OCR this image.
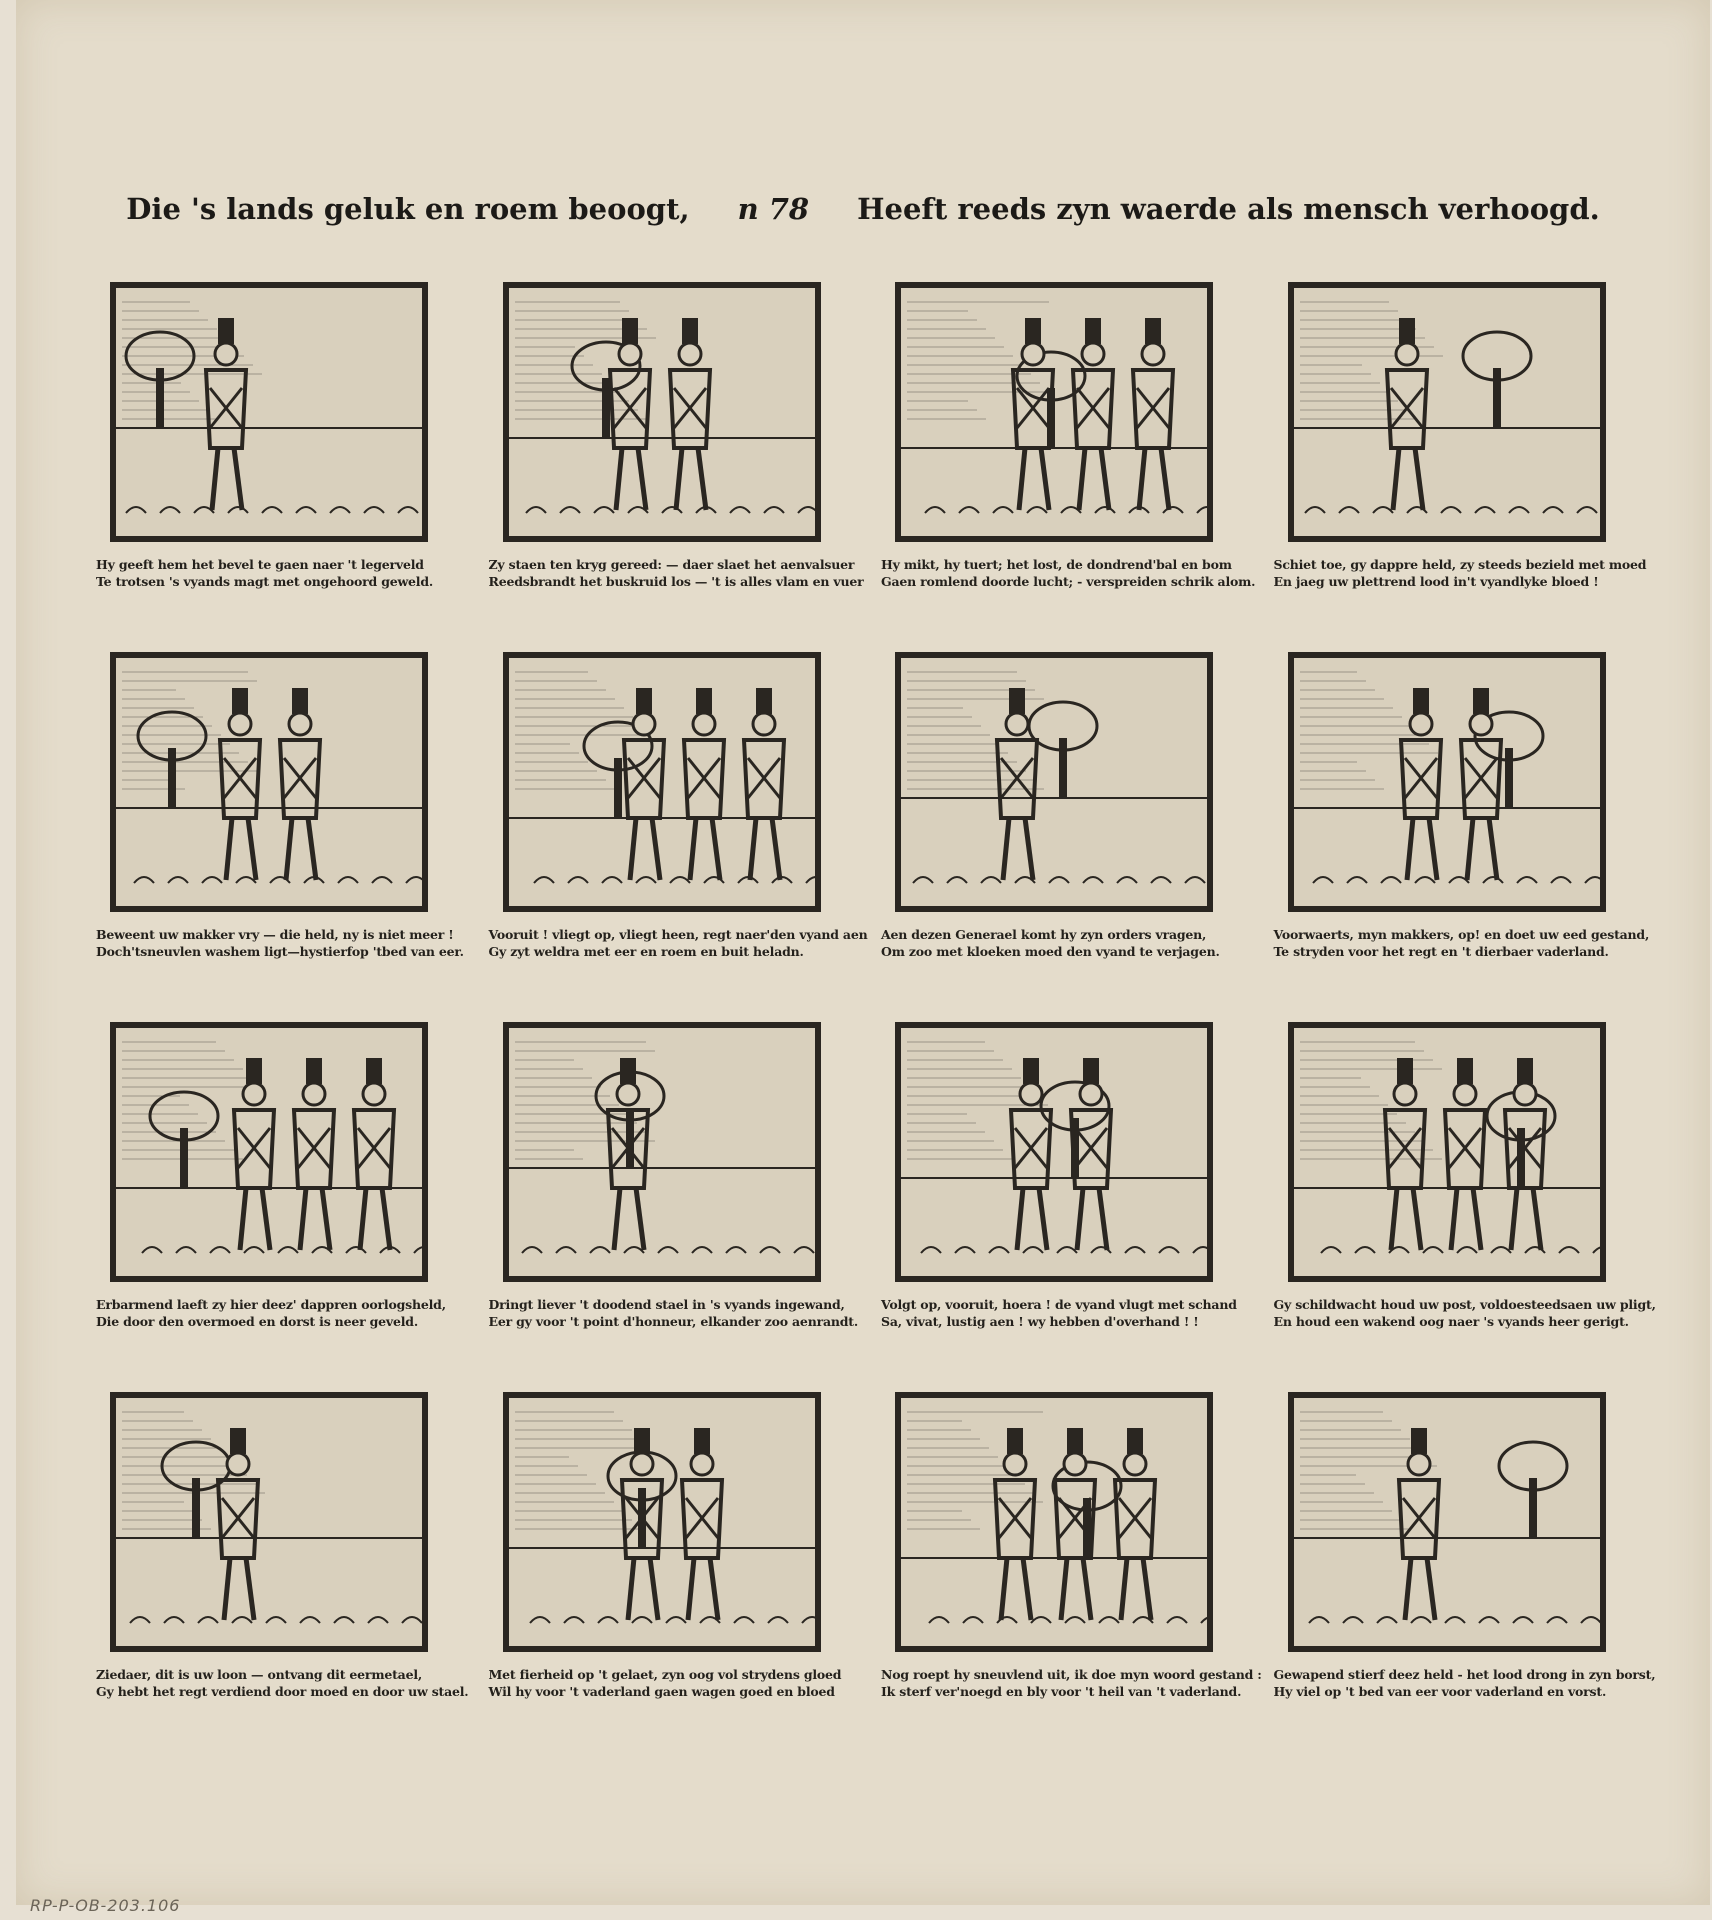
Die 's lands geluk en roem beoogt, n 78 Heeft reeds zyn waerde als mensch verhoogd.
Hy geeft hem het bevel te gaen naer 't legerveld
Te trotsen 's vyands magt met ongehoord geweld.
Zy staen ten kryg gereed: — daer slaet het aenvalsuer
Reedsbrandt het buskruid los — 't is alles vlam en vuer
Hy mikt, hy tuert; het lost, de dondrend'bal en bom
Gaen romlend doorde lucht; - verspreiden schrik alom.
Schiet toe, gy dappre held, zy steeds bezield met moed
En jaeg uw plettrend lood in't vyandlyke bloed !
Beweent uw makker vry — die held, ny is niet meer !
Doch'tsneuvlen washem ligt—hystierfop 'tbed van eer.
Vooruit ! vliegt op, vliegt heen, regt naer'den vyand aen
Gy zyt weldra met eer en roem en buit heladn.
Aen dezen Generael komt hy zyn orders vragen,
Om zoo met kloeken moed den vyand te verjagen.
Voorwaerts, myn makkers, op! en doet uw eed gestand,
Te stryden voor het regt en 't dierbaer vaderland.
Erbarmend laeft zy hier deez' dappren oorlogsheld,
Die door den overmoed en dorst is neer geveld.
Dringt liever 't doodend stael in 's vyands ingewand,
Eer gy voor 't point d'honneur, elkander zoo aenrandt.
Volgt op, vooruit, hoera ! de vyand vlugt met schand
Sa, vivat, lustig aen ! wy hebben d'overhand ! !
Gy schildwacht houd uw post, voldoesteedsaen uw pligt,
En houd een wakend oog naer 's vyands heer gerigt.
Ziedaer, dit is uw loon — ontvang dit eermetael,
Gy hebt het regt verdiend door moed en door uw stael.
Met fierheid op 't gelaet, zyn oog vol strydens gloed
Wil hy voor 't vaderland gaen wagen goed en bloed
Nog roept hy sneuvlend uit, ik doe myn woord gestand :
Ik sterf ver'noegd en bly voor 't heil van 't vaderland.
Gewapend stierf deez held - het lood drong in zyn borst,
Hy viel op 't bed van eer voor vaderland en vorst.
RP-P-OB-203.106
